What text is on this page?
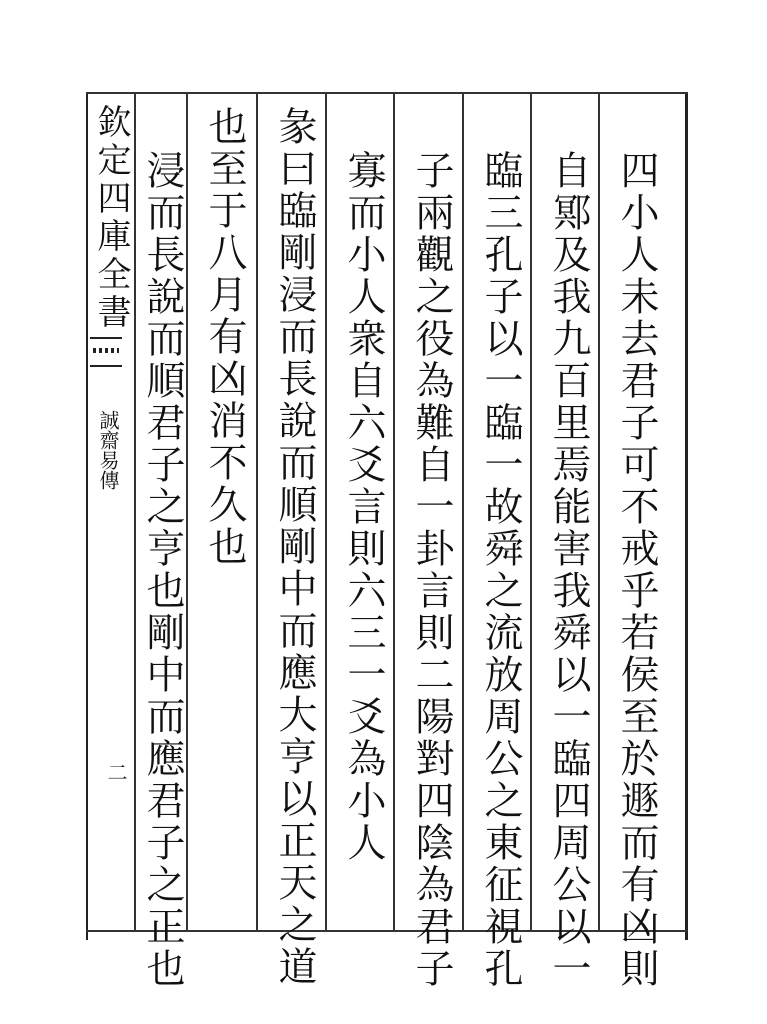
欽定四庫全書
誠齋易傳
二	四小人未去君子可不戒乎若侯至於遯而有凶則
自鄍及我九百里焉能害我舜以一臨四周公以一
臨三孔子以一臨一故舜之流放周公之東征視孔
子兩觀之役為難自一卦言則二陽對四陰為君子
寡而小人衆自六爻言則六三一爻為小人
彖曰臨剛浸而長說而順剛中而應大亨以正天之道
也至于八月有凶消不久也
浸而長說而順君子之亨也剛中而應君子之正也
